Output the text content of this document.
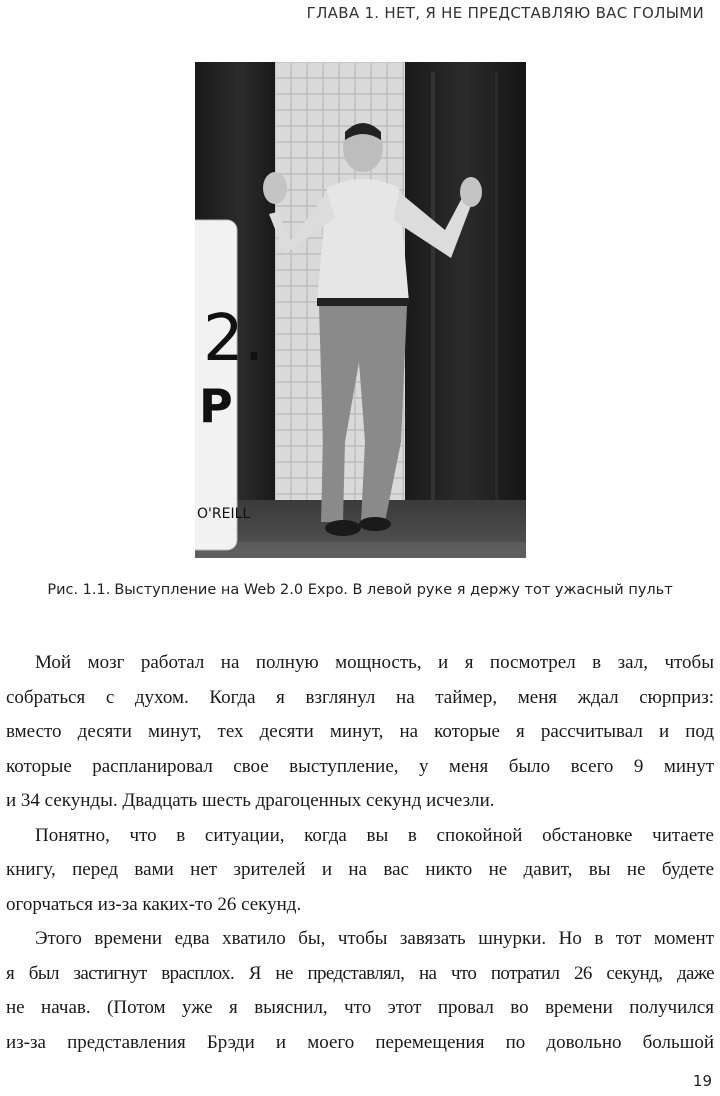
ГЛАВА 1. НЕТ, Я НЕ ПРЕДСТАВЛЯЮ ВАС ГОЛЫМИ
2.
P
O'REILL
Рис. 1.1. Выступление на Web 2.0 Expo. В левой руке я держу тот ужасный пульт

Мой мозг работал на полную мощность, и я посмотрел в зал, чтобы
собраться с духом. Когда я взглянул на таймер, меня ждал сюрприз:
вместо десяти минут, тех десяти минут, на которые я рассчитывал и под
которые распланировал свое выступление, у меня было всего 9 минут
и 34 секунды. Двадцать шесть драгоценных секунд исчезли.

Понятно, что в ситуации, когда вы в спокойной обстановке читаете
книгу, перед вами нет зрителей и на вас никто не давит, вы не будете
огорчаться из-за каких-то 26 секунд.

Этого времени едва хватило бы, чтобы завязать шнурки. Но в тот момент
я был застигнут врасплох. Я не представлял, на что потратил 26 секунд, даже
не начав. (Потом уже я выяснил, что этот провал во времени получился
из-за представления Брэди и моего перемещения по довольно большой

19
